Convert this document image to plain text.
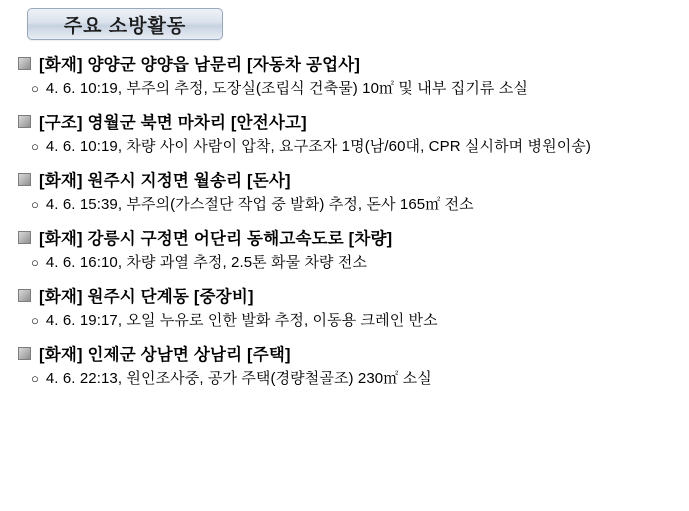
주요 소방활동
[화재] 양양군 양양읍 남문리 [자동차 공업사]
○ 4. 6. 10:19, 부주의 추정, 도장실(조립식 건축물) 10㎡ 및 내부 집기류 소실
[구조] 영월군 북면 마차리 [안전사고]
○ 4. 6. 10:19, 차량 사이 사람이 압착, 요구조자 1명(남/60대, CPR 실시하며 병원이송)
[화재] 원주시 지정면 월송리 [돈사]
○ 4. 6. 15:39, 부주의(가스절단 작업 중 발화) 추정, 돈사 165㎡ 전소
[화재] 강릉시 구정면 어단리 동해고속도로 [차량]
○ 4. 6. 16:10, 차량 과열 추정, 2.5톤 화물 차량 전소
[화재] 원주시 단계동 [중장비]
○ 4. 6. 19:17, 오일 누유로 인한 발화 추정, 이동용 크레인 반소
[화재] 인제군 상남면 상남리 [주택]
○ 4. 6. 22:13, 원인조사중, 공가 주택(경량철골조) 230㎡ 소실
